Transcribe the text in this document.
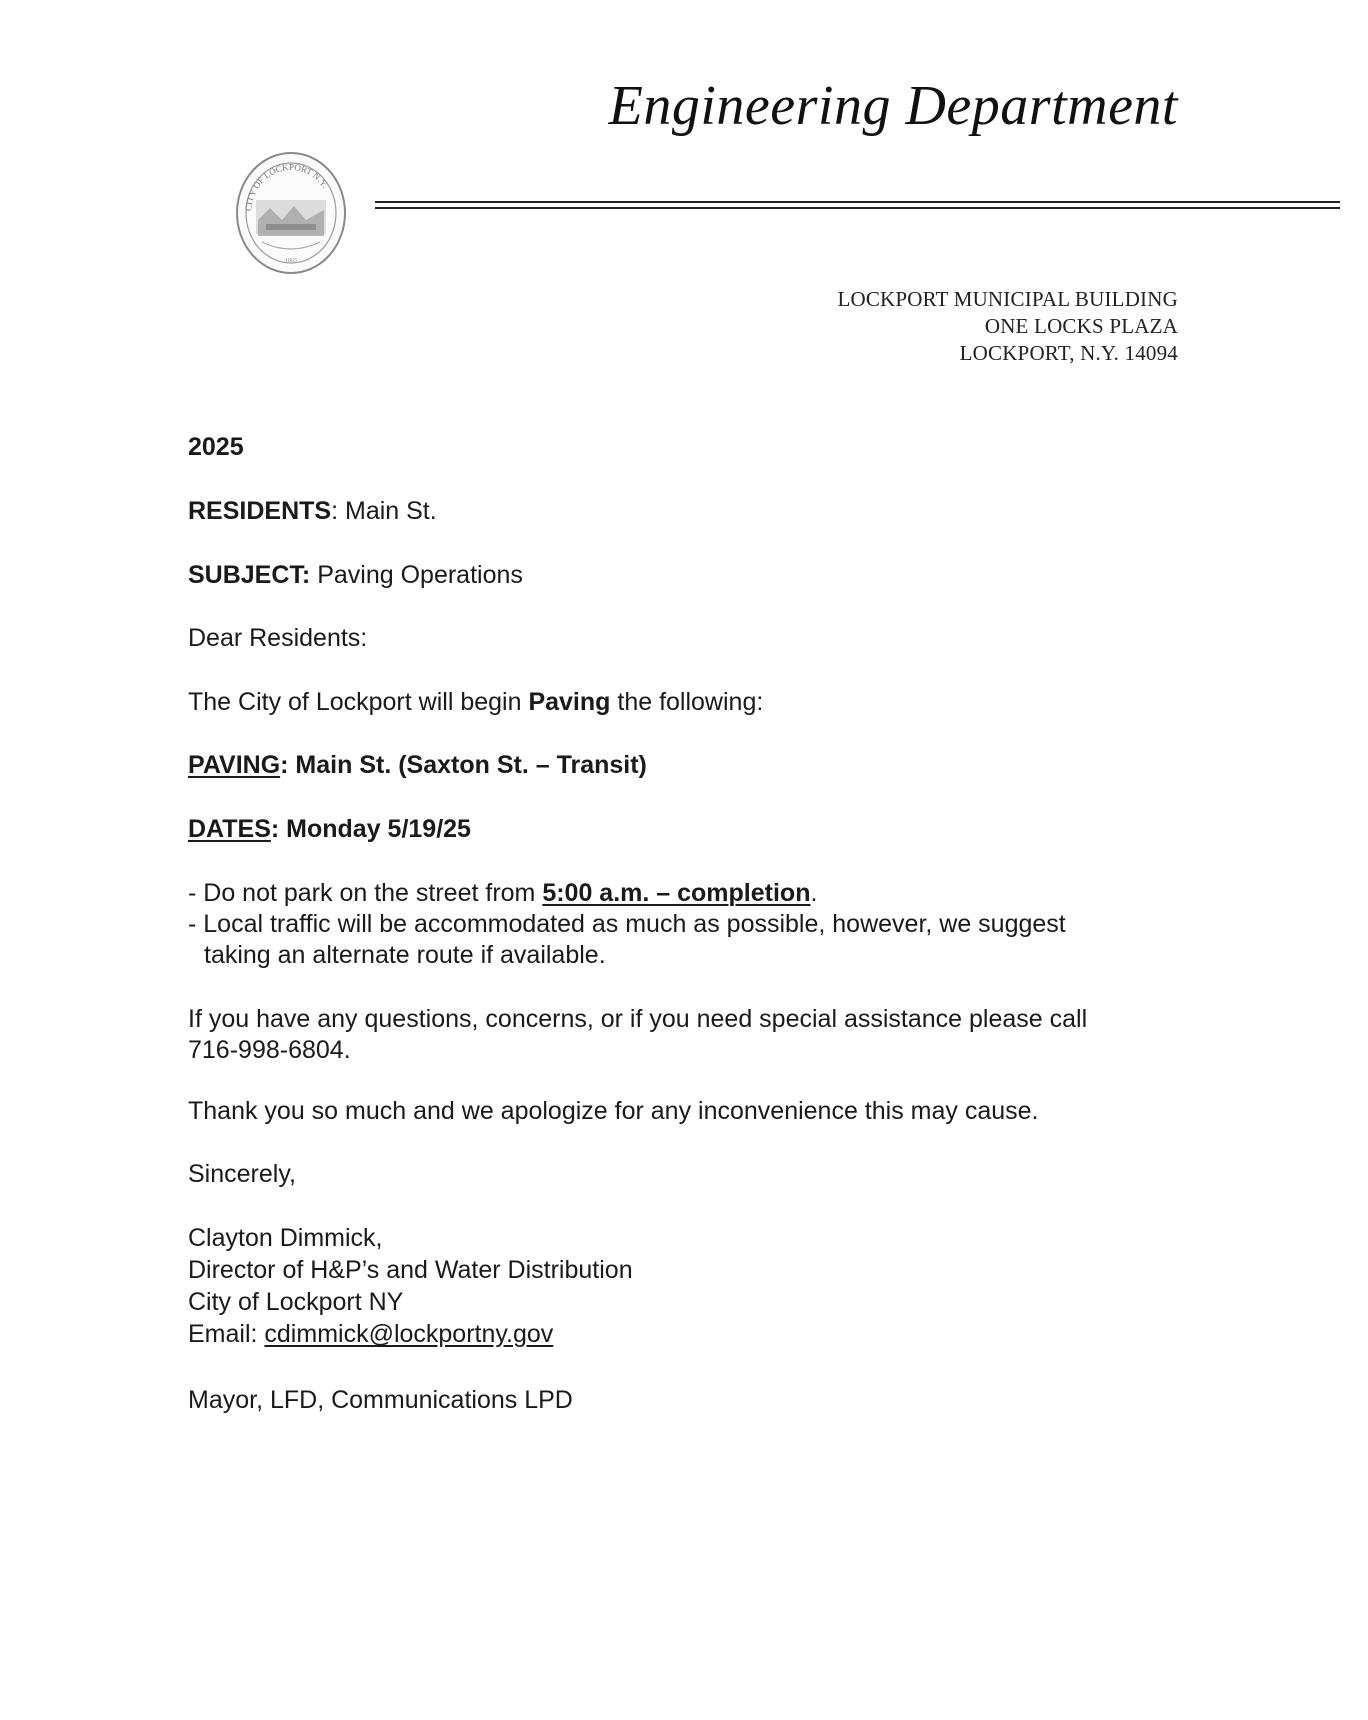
Engineering Department
CITY OF LOCKPORT N.Y.
1865
LOCKPORT MUNICIPAL BUILDING
ONE LOCKS PLAZA
LOCKPORT, N.Y. 14094
2025
RESIDENTS: Main St.
SUBJECT: Paving Operations
Dear Residents:
The City of Lockport will begin Paving the following:
PAVING: Main St. (Saxton St. – Transit)
DATES: Monday 5/19/25
- Do not park on the street from 5:00 a.m. – completion.
- Local traffic will be accommodated as much as possible, however, we suggest
taking an alternate route if available.
If you have any questions, concerns, or if you need special assistance please call
716-998-6804.
Thank you so much and we apologize for any inconvenience this may cause.
Sincerely,
Clayton Dimmick,
Director of H&P’s and Water Distribution
City of Lockport NY
Email: cdimmick@lockportny.gov
Mayor, LFD, Communications LPD
